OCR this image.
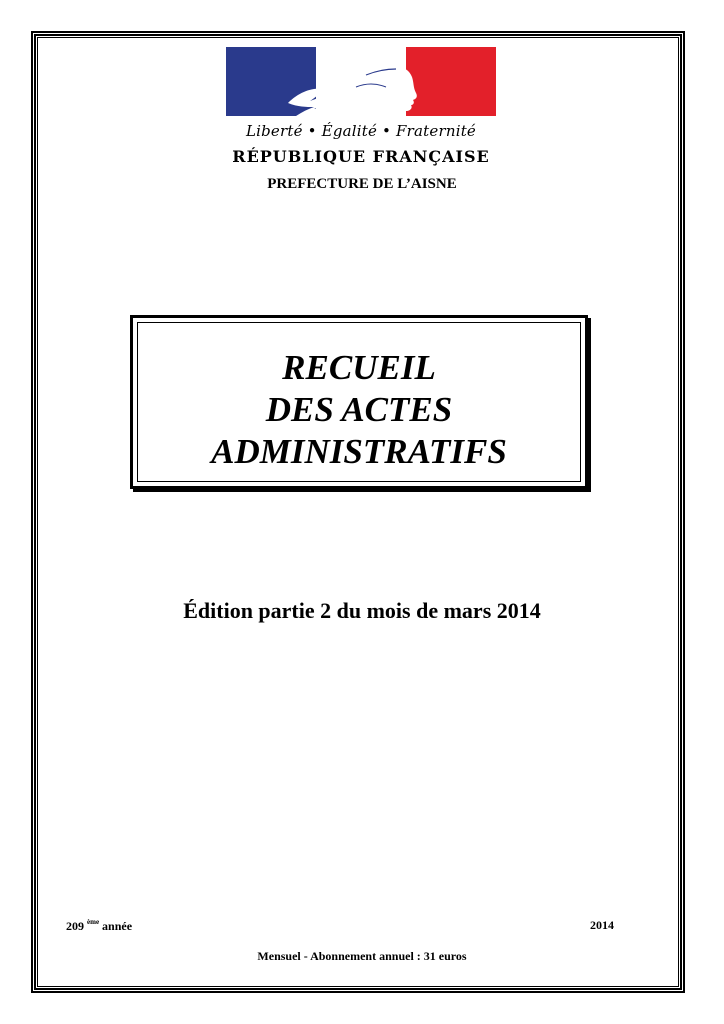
Liberté • Égalité • Fraternité
RÉPUBLIQUE FRANÇAISE
PREFECTURE DE L’AISNE
RECUEIL
DES ACTES
ADMINISTRATIFS
Édition partie 2 du mois de mars 2014
209 $^{ème}$ année	2014
Mensuel - Abonnement annuel : 31 euros
